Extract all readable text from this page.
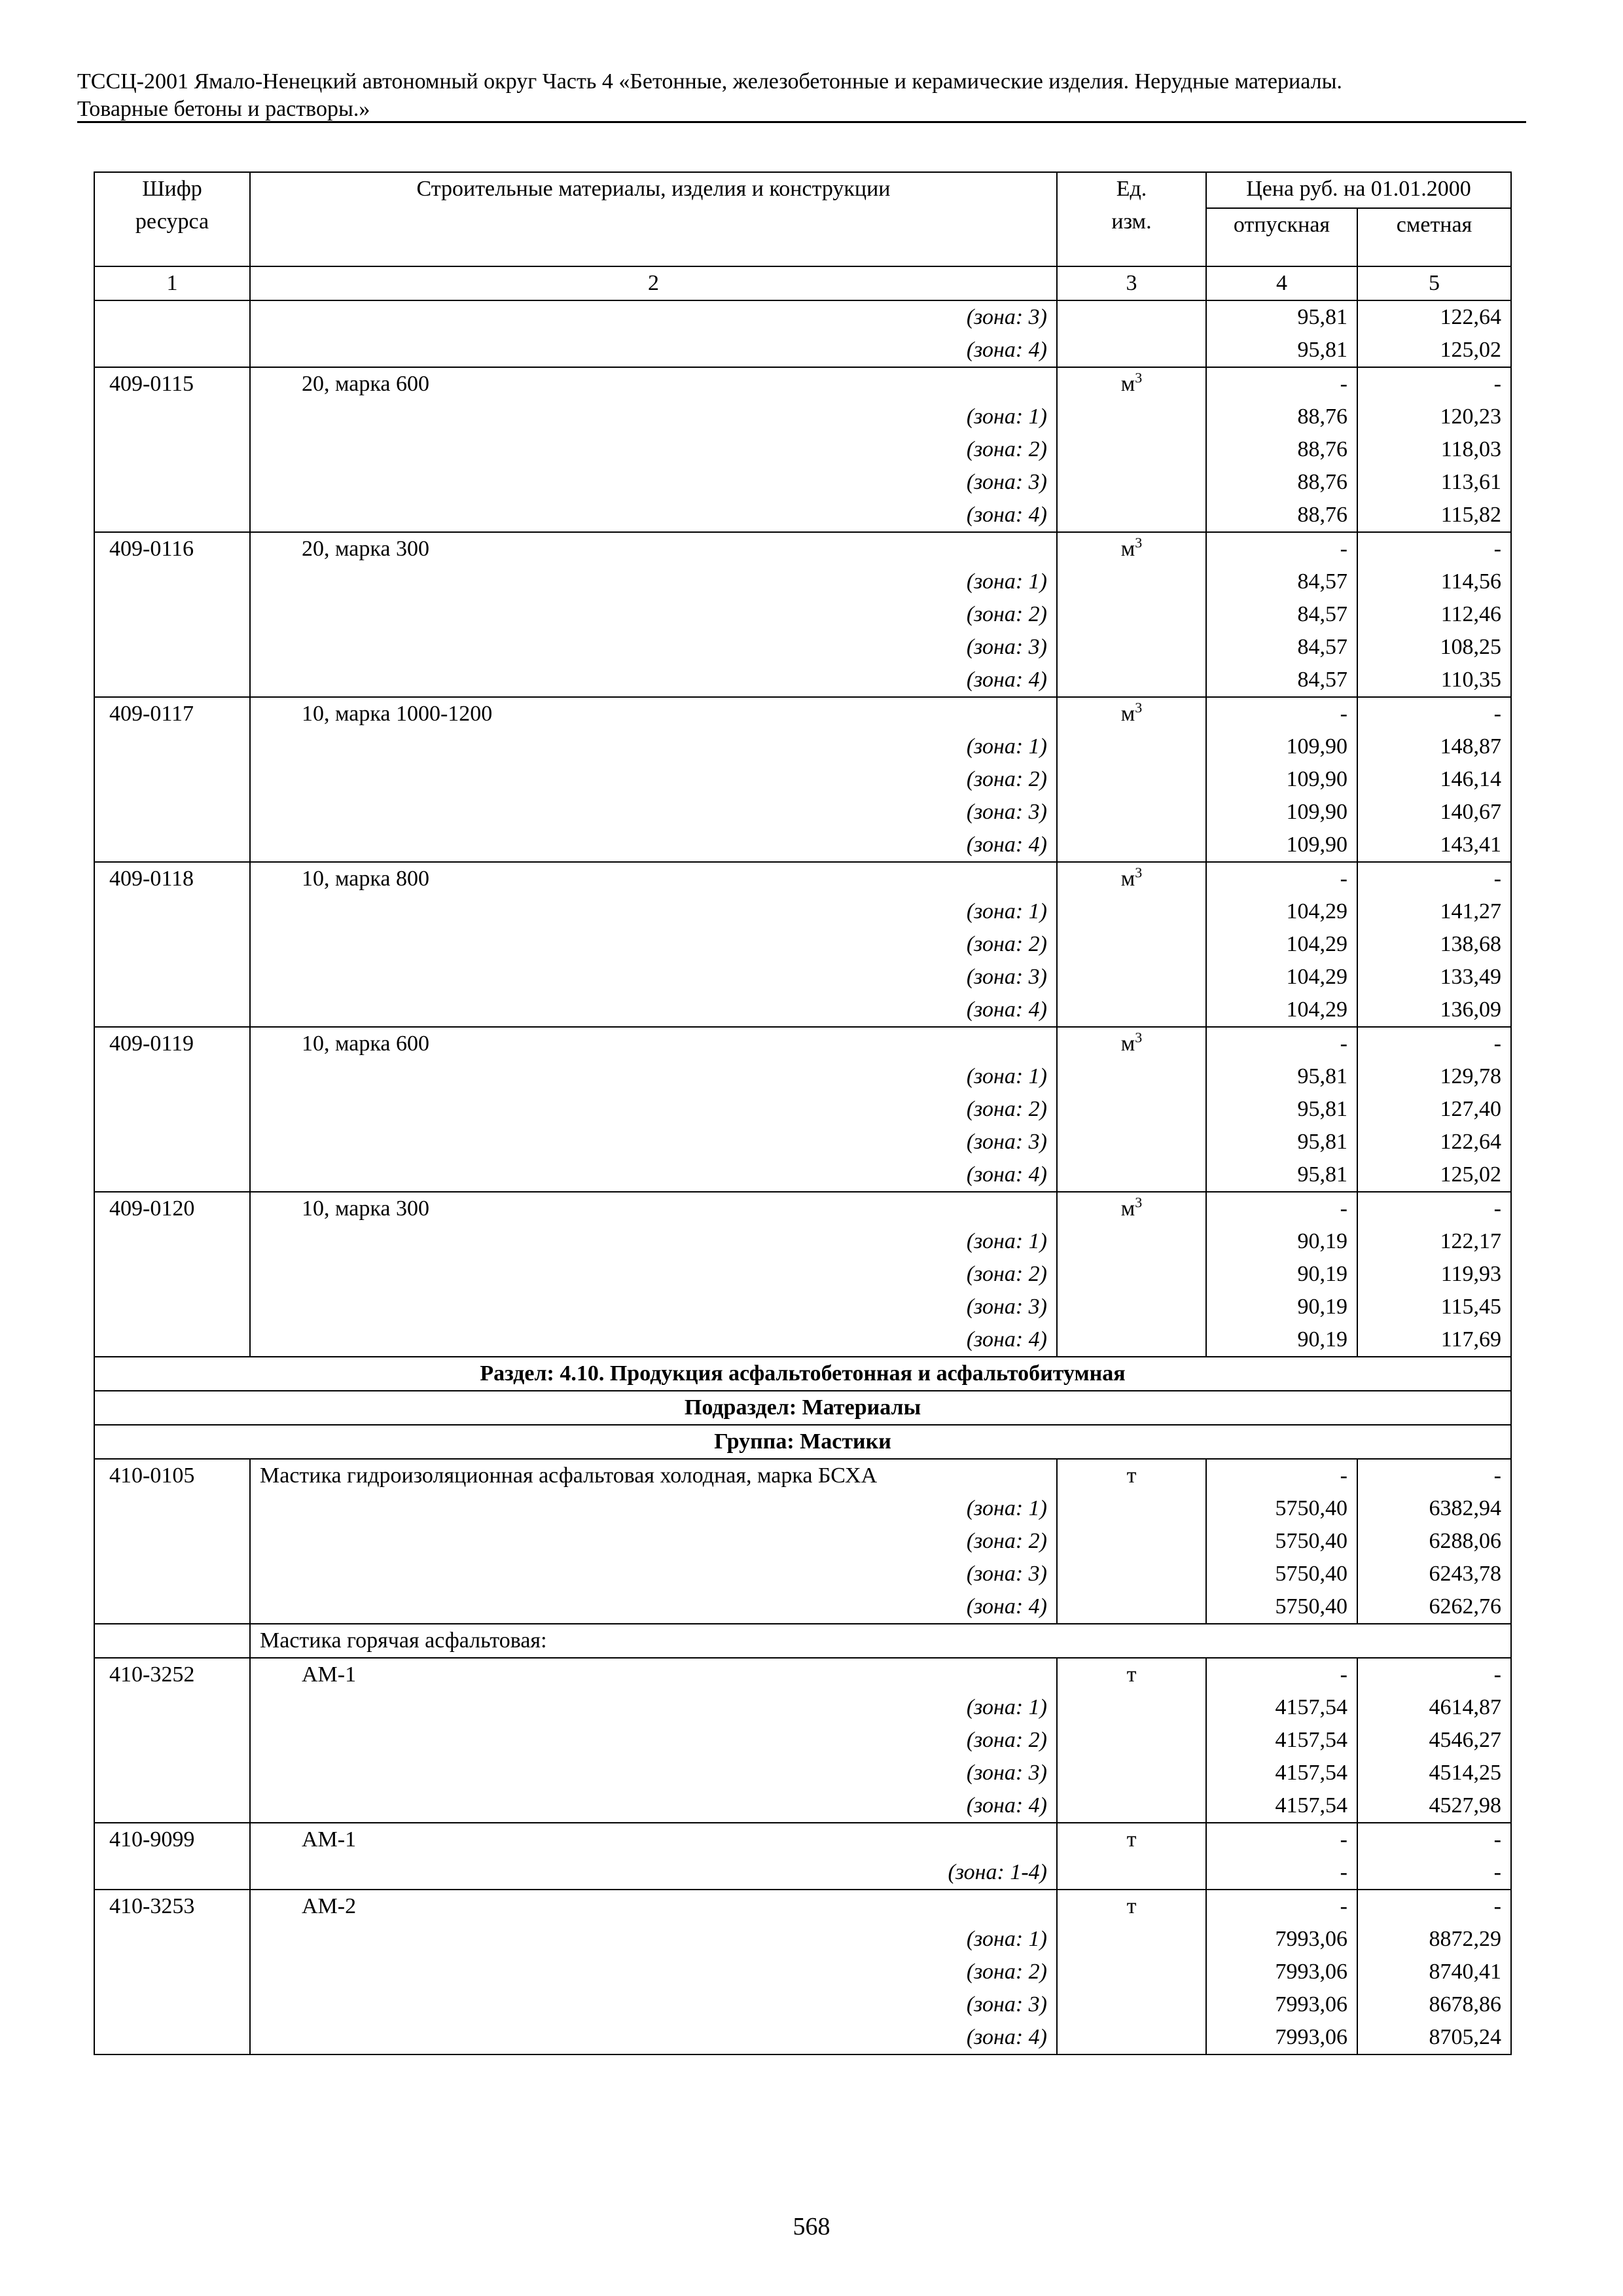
ТССЦ-2001 Ямало-Ненецкий автономный округ Часть 4 «Бетонные, железобетонные и керамические изделия. Нерудные материалы.
Товарные бетоны и растворы.»
Шифр ресурса	Строительные материалы, изделия и конструкции	Ед. изм.	Цена руб. на 01.01.2000	
			отпускная	сметная
1	2	3	4	5
	(зона: 3)		95,81	122,64
	(зона: 4)		95,81	125,02
409-0115	20, марка 600	$м^3$	-	-
	(зона: 1)		88,76	120,23
	(зона: 2)		88,76	118,03
	(зона: 3)		88,76	113,61
	(зона: 4)		88,76	115,82
409-0116	20, марка 300	$м^3$	-	-
	(зона: 1)		84,57	114,56
	(зона: 2)		84,57	112,46
	(зона: 3)		84,57	108,25
	(зона: 4)		84,57	110,35
409-0117	10, марка 1000-1200	$м^3$	-	-
	(зона: 1)		109,90	148,87
	(зона: 2)		109,90	146,14
	(зона: 3)		109,90	140,67
	(зона: 4)		109,90	143,41
409-0118	10, марка 800	$м^3$	-	-
	(зона: 1)		104,29	141,27
	(зона: 2)		104,29	138,68
	(зона: 3)		104,29	133,49
	(зона: 4)		104,29	136,09
409-0119	10, марка 600	$м^3$	-	-
	(зона: 1)		95,81	129,78
	(зона: 2)		95,81	127,40
	(зона: 3)		95,81	122,64
	(зона: 4)		95,81	125,02
409-0120	10, марка 300	$м^3$	-	-
	(зона: 1)		90,19	122,17
	(зона: 2)		90,19	119,93
	(зона: 3)		90,19	115,45
	(зона: 4)		90,19	117,69
Раздел: 4.10. Продукция асфальтобетонная и асфальтобитумная				
Подраздел: Материалы				
Группа: Мастики				
410-0105	Мастика гидроизоляционная асфальтовая холодная, марка БСХА	т	-	-
	(зона: 1)		5750,40	6382,94
	(зона: 2)		5750,40	6288,06
	(зона: 3)		5750,40	6243,78
	(зона: 4)		5750,40	6262,76
	Мастика горячая асфальтовая:			
410-3252	АМ-1	т	-	-
	(зона: 1)		4157,54	4614,87
	(зона: 2)		4157,54	4546,27
	(зона: 3)		4157,54	4514,25
	(зона: 4)		4157,54	4527,98
410-9099	АМ-1	т	-	-
	(зона: 1-4)		-	-
410-3253	АМ-2	т	-	-
	(зона: 1)		7993,06	8872,29
	(зона: 2)		7993,06	8740,41
	(зона: 3)		7993,06	8678,86
	(зона: 4)		7993,06	8705,24
568
